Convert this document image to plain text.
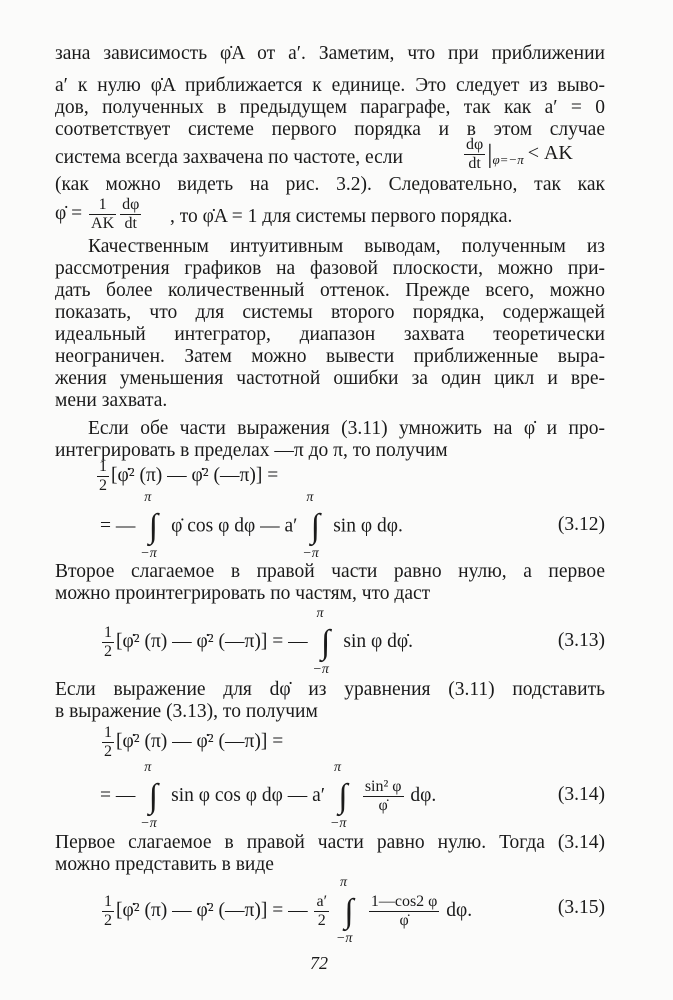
зана зависимость φ̇A от a′. Заметим, что при приближении
a′ к нулю φ̇A приближается к единице. Это следует из выво-
дов, полученных в предыдущем параграфе, так как a′ = 0
соответствует системе первого порядка и в этом случае
система всегда захвачена по частоте, если	$\frac{d\varphi}{dt} |_{\varphi=-\pi}$ < AK
(как можно видеть на рис. 3.2). Следовательно, так как
φ̇ = $\frac{1}{AK} \frac{d\varphi}{dt}$ , то φ̇A = 1 для системы первого порядка.
Качественным интуитивным выводам, полученным из
рассмотрения графиков на фазовой плоскости, можно при-
дать более количественный оттенок. Прежде всего, можно
показать, что для системы второго порядка, содержащей
идеальный интегратор, диапазон захвата теоретически
неограничен. Затем можно вывести приближенные выра-
жения уменьшения частотной ошибки за один цикл и вре-
мени захвата.
Если обе части выражения (3.11) умножить на φ̇ и про-
интегрировать в пределах —π до π, то получим
$\frac{1}{2}$ [φ̇² (π) — φ̇² (—π)] =
= —
π
∫
−π
φ̇ cos φ dφ — a′
π
∫
−π
sin φ dφ.	(3.12)
Второе слагаемое в правой части равно нулю, а первое
можно проинтегрировать по частям, что даст
$\frac{1}{2}$ [φ̇² (π) — φ̇² (—π)] = —
π
∫
−π
sin φ dφ̇.	(3.13)
Если выражение для dφ̇ из уравнения (3.11) подставить
в выражение (3.13), то получим
$\frac{1}{2}$ [φ̇² (π) — φ̇² (—π)] =
= —
π
∫
−π
sin φ cos φ dφ — a′
π
∫
−π

$\frac{\text{sin² φ}}{\varphi̇} d\varphi$.	(3.14)
Первое слагаемое в правой части равно нулю. Тогда (3.14)
можно представить в виде
$\frac{1}{2}$ [φ̇² (π) — φ̇² (—π)] = — $\frac{a'}{2}$

π
∫
−π

$\frac{1—\cos 2 \varphi}{\varphi̇} d\varphi$.	(3.15)
72
